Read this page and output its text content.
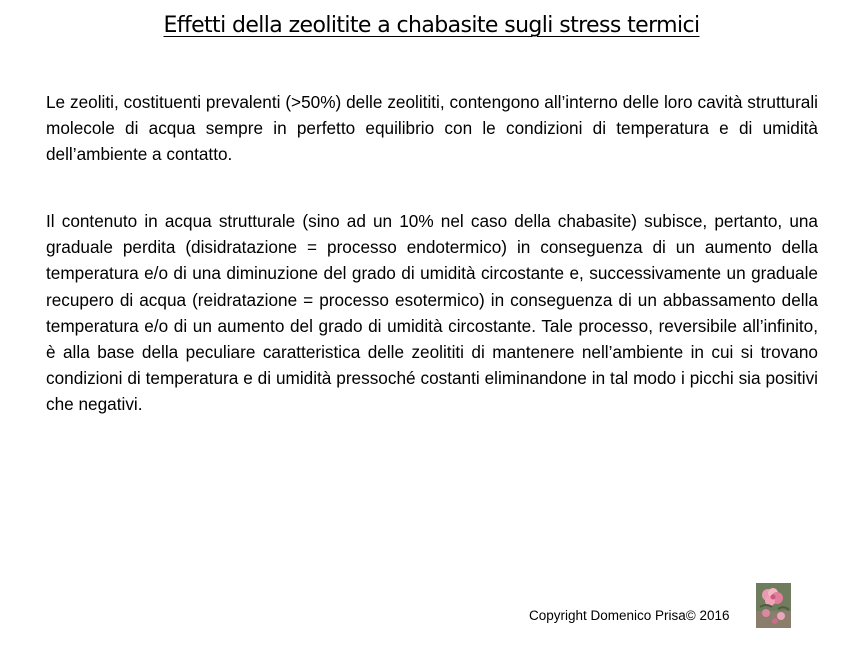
Effetti della zeolitite a chabasite sugli stress termici

Le zeoliti, costituenti prevalenti (>50%) delle zeolititi, contengono all’interno delle loro cavità strutturali molecole di acqua sempre in perfetto equilibrio con le condizioni di temperatura e di umidità dell’ambiente a contatto.

Il contenuto in acqua strutturale (sino ad un 10% nel caso della chabasite) subisce, pertanto, una graduale perdita (disidratazione = processo endotermico) in conseguenza di un aumento della temperatura e/o di una diminuzione del grado di umidità circostante e, successivamente un graduale recupero di acqua (reidratazione = processo esotermico) in conseguenza di un abbassamento della temperatura e/o di un aumento del grado di umidità circostante. Tale processo, reversibile all’infinito, è alla base della peculiare caratteristica delle zeolititi di mantenere nell’ambiente in cui si trovano condizioni di temperatura e di umidità pressoché costanti eliminandone in tal modo i picchi sia positivi che negativi.

Copyright Domenico Prisa© 2016
